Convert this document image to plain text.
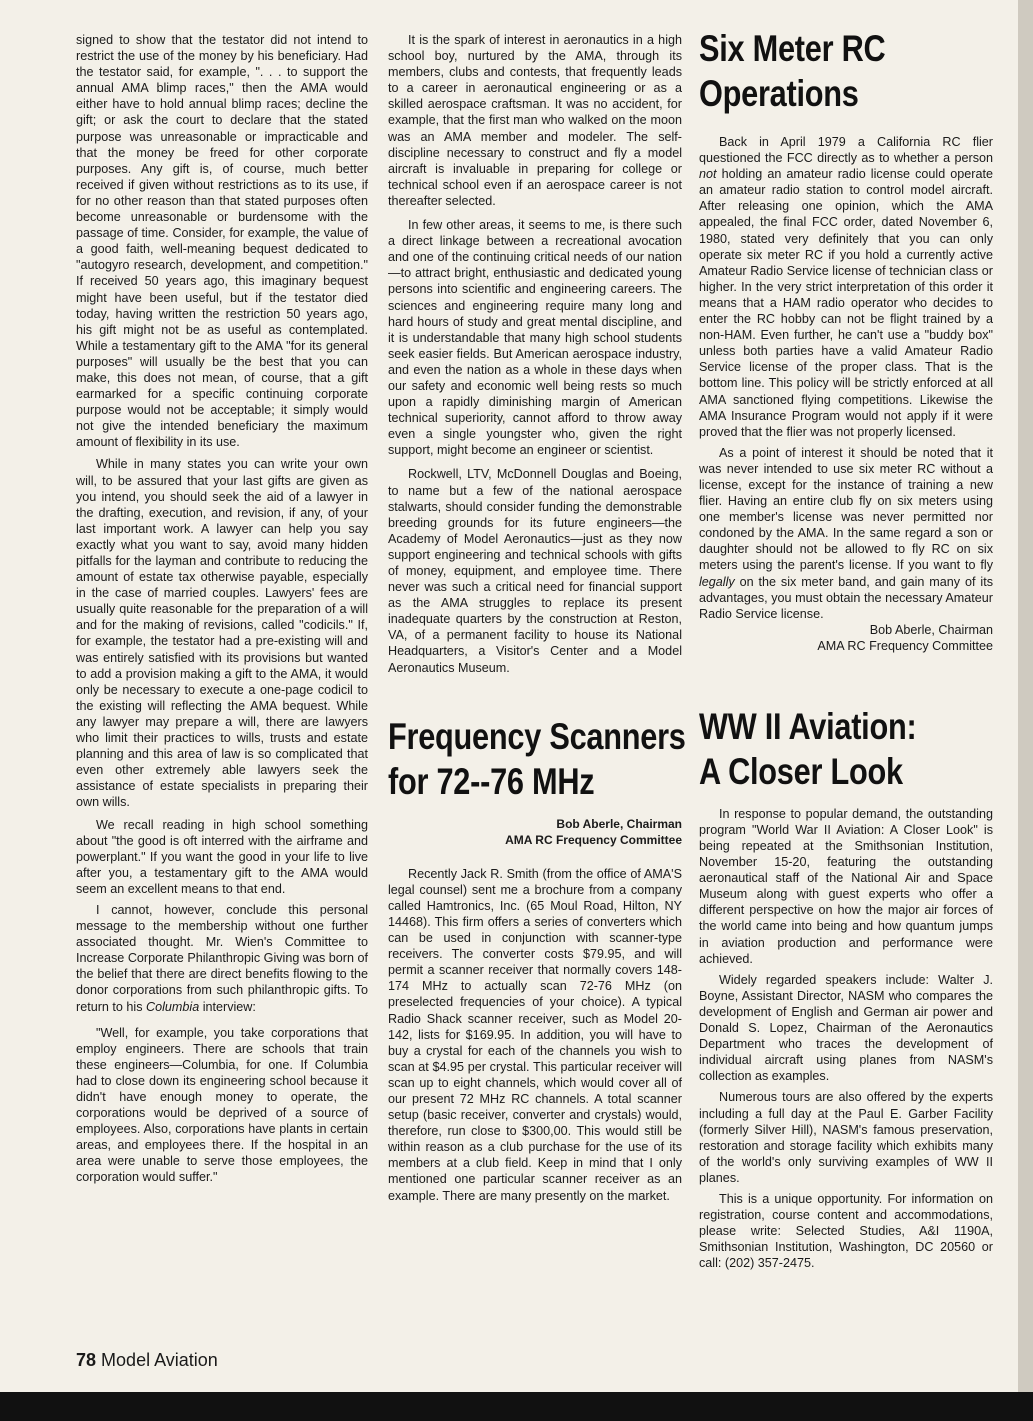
signed to show that the testator did not intend to restrict the use of the money by his beneficiary. Had the testator said, for example, ". . . to support the annual AMA blimp races," then the AMA would either have to hold annual blimp races; decline the gift; or ask the court to declare that the stated purpose was unreasonable or impracticable and that the money be freed for other corporate purposes. Any gift is, of course, much better received if given without restrictions as to its use, if for no other reason than that stated purposes often become unreasonable or burdensome with the passage of time. Consider, for example, the value of a good faith, well-meaning bequest dedicated to "autogyro research, development, and competition." If received 50 years ago, this imaginary bequest might have been useful, but if the testator died today, having written the restriction 50 years ago, his gift might not be as useful as contemplated. While a testamentary gift to the AMA "for its general purposes" will usually be the best that you can make, this does not mean, of course, that a gift earmarked for a specific continuing corporate purpose would not be acceptable; it simply would not give the intended beneficiary the maximum amount of flexibility in its use.

While in many states you can write your own will, to be assured that your last gifts are given as you intend, you should seek the aid of a lawyer in the drafting, execution, and revision, if any, of your last important work. A lawyer can help you say exactly what you want to say, avoid many hidden pitfalls for the layman and contribute to reducing the amount of estate tax otherwise payable, especially in the case of married couples. Lawyers' fees are usually quite reasonable for the preparation of a will and for the making of revisions, called "codicils." If, for example, the testator had a pre-existing will and was entirely satisfied with its provisions but wanted to add a provision making a gift to the AMA, it would only be necessary to execute a one-page codicil to the existing will reflecting the AMA bequest. While any lawyer may prepare a will, there are lawyers who limit their practices to wills, trusts and estate planning and this area of law is so complicated that even other extremely able lawyers seek the assistance of estate specialists in preparing their own wills.

We recall reading in high school something about "the good is oft interred with the airframe and powerplant." If you want the good in your life to live after you, a testamentary gift to the AMA would seem an excellent means to that end.

I cannot, however, conclude this personal message to the membership without one further associated thought. Mr. Wien's Committee to Increase Corporate Philanthropic Giving was born of the belief that there are direct benefits flowing to the donor corporations from such philanthropic gifts. To return to his Columbia interview:

"Well, for example, you take corporations that employ engineers. There are schools that train these engineers—Columbia, for one. If Columbia had to close down its engineering school because it didn't have enough money to operate, the corporations would be deprived of a source of employees. Also, corporations have plants in certain areas, and employees there. If the hospital in an area were unable to serve those employees, the corporation would suffer."

It is the spark of interest in aeronautics in a high school boy, nurtured by the AMA, through its members, clubs and contests, that frequently leads to a career in aeronautical engineering or as a skilled aerospace craftsman. It was no accident, for example, that the first man who walked on the moon was an AMA member and modeler. The self-discipline necessary to construct and fly a model aircraft is invaluable in preparing for college or technical school even if an aerospace career is not thereafter selected.

In few other areas, it seems to me, is there such a direct linkage between a recreational avocation and one of the continuing critical needs of our nation—to attract bright, enthusiastic and dedicated young persons into scientific and engineering careers. The sciences and engineering require many long and hard hours of study and great mental discipline, and it is understandable that many high school students seek easier fields. But American aerospace industry, and even the nation as a whole in these days when our safety and economic well being rests so much upon a rapidly diminishing margin of American technical superiority, cannot afford to throw away even a single youngster who, given the right support, might become an engineer or scientist.

Rockwell, LTV, McDonnell Douglas and Boeing, to name but a few of the national aerospace stalwarts, should consider funding the demonstrable breeding grounds for its future engineers—the Academy of Model Aeronautics—just as they now support engineering and technical schools with gifts of money, equipment, and employee time. There never was such a critical need for financial support as the AMA struggles to replace its present inadequate quarters by the construction at Reston, VA, of a permanent facility to house its National Headquarters, a Visitor's Center and a Model Aeronautics Museum.

Frequency Scanners
for 72--76 MHz
Bob Aberle, Chairman
AMA RC Frequency Committee

Recently Jack R. Smith (from the office of AMA'S legal counsel) sent me a brochure from a company called Hamtronics, Inc. (65 Moul Road, Hilton, NY 14468). This firm offers a series of converters which can be used in conjunction with scanner-type receivers. The converter costs $79.95, and will permit a scanner receiver that normally covers 148-174 MHz to actually scan 72-76 MHz (on preselected frequencies of your choice). A typical Radio Shack scanner receiver, such as Model 20-142, lists for $169.95. In addition, you will have to buy a crystal for each of the channels you wish to scan at $4.95 per crystal. This particular receiver will scan up to eight channels, which would cover all of our present 72 MHz RC channels. A total scanner setup (basic receiver, converter and crystals) would, therefore, run close to $300,00. This would still be within reason as a club purchase for the use of its members at a club field. Keep in mind that I only mentioned one particular scanner receiver as an example. There are many presently on the market.

Six Meter RC
Operations

Back in April 1979 a California RC flier questioned the FCC directly as to whether a person not holding an amateur radio license could operate an amateur radio station to control model aircraft. After releasing one opinion, which the AMA appealed, the final FCC order, dated November 6, 1980, stated very definitely that you can only operate six meter RC if you hold a currently active Amateur Radio Service license of technician class or higher. In the very strict interpretation of this order it means that a HAM radio operator who decides to enter the RC hobby can not be flight trained by a non-HAM. Even further, he can't use a "buddy box" unless both parties have a valid Amateur Radio Service license of the proper class. That is the bottom line. This policy will be strictly enforced at all AMA sanctioned flying competitions. Likewise the AMA Insurance Program would not apply if it were proved that the flier was not properly licensed.

As a point of interest it should be noted that it was never intended to use six meter RC without a license, except for the instance of training a new flier. Having an entire club fly on six meters using one member's license was never permitted nor condoned by the AMA. In the same regard a son or daughter should not be allowed to fly RC on six meters using the parent's license. If you want to fly legally on the six meter band, and gain many of its advantages, you must obtain the necessary Amateur Radio Service license.

Bob Aberle, Chairman
AMA RC Frequency Committee
WW II Aviation:
A Closer Look

In response to popular demand, the outstanding program "World War II Aviation: A Closer Look" is being repeated at the Smithsonian Institution, November 15-20, featuring the outstanding aeronautical staff of the National Air and Space Museum along with guest experts who offer a different perspective on how the major air forces of the world came into being and how quantum jumps in aviation production and performance were achieved.

Widely regarded speakers include: Walter J. Boyne, Assistant Director, NASM who compares the development of English and German air power and Donald S. Lopez, Chairman of the Aeronautics Department who traces the development of individual aircraft using planes from NASM's collection as examples.

Numerous tours are also offered by the experts including a full day at the Paul E. Garber Facility (formerly Silver Hill), NASM's famous preservation, restoration and storage facility which exhibits many of the world's only surviving examples of WW II planes.

This is a unique opportunity. For information on registration, course content and accommodations, please write: Selected Studies, A&I 1190A, Smithsonian Institution, Washington, DC 20560 or call: (202) 357-2475.

78 Model Aviation
